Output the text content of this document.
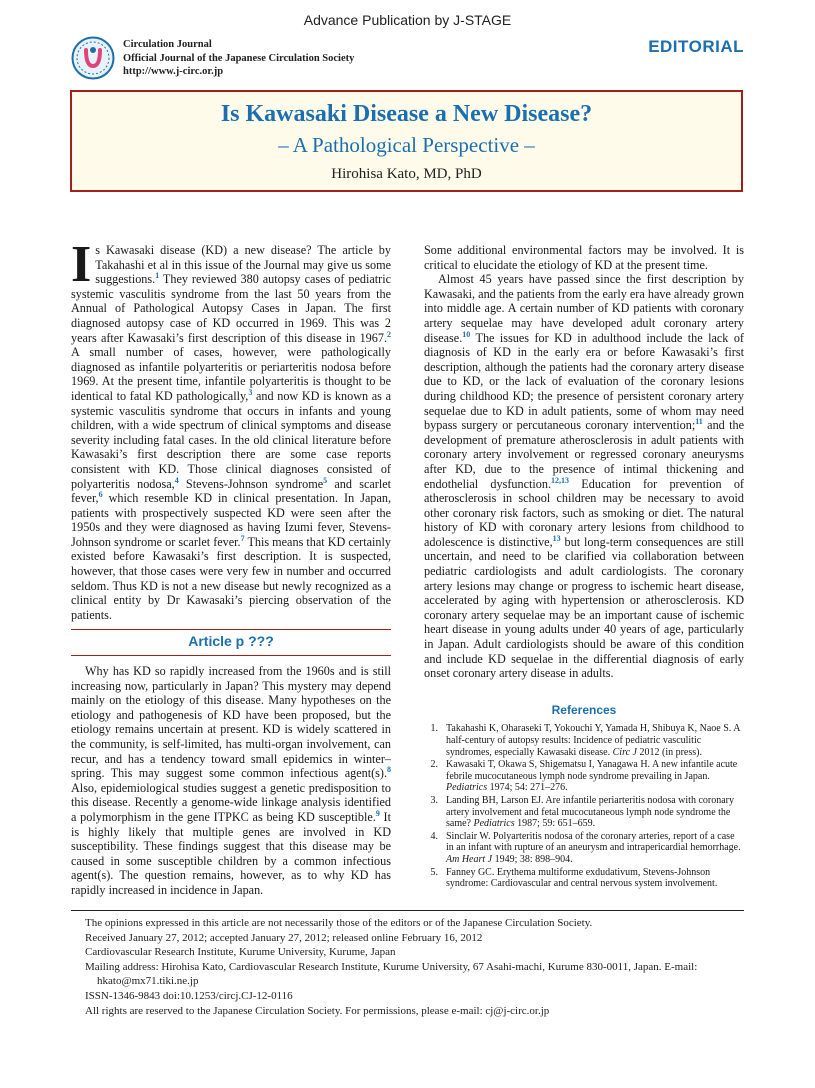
Advance Publication by J-STAGE
Circulation Journal
Official Journal of the Japanese Circulation Society
http://www.j-circ.or.jp
EDITORIAL
Is Kawasaki Disease a New Disease?
– A Pathological Perspective –
Hirohisa Kato, MD, PhD

Is Kawasaki disease (KD) a new disease? The article by Takahashi et al in this issue of the Journal may give us some suggestions.$^1$ They reviewed 380 autopsy cases of pediatric systemic vasculitis syndrome from the last 50 years from the Annual of Pathological Autopsy Cases in Japan. The first diagnosed autopsy case of KD occurred in 1969. This was 2 years after Kawasaki’s first description of this disease in 1967.$^2$ A small number of cases, however, were pathologically diagnosed as infantile polyarteritis or periarteritis nodosa before 1969. At the present time, infantile polyarteritis is thought to be identical to fatal KD pathologically,$^3$ and now KD is known as a systemic vasculitis syndrome that occurs in infants and young children, with a wide spectrum of clinical symptoms and disease severity including fatal cases. In the old clinical literature before Kawasaki’s first description there are some case reports consistent with KD. Those clinical diagnoses consisted of polyarteritis nodosa,$^4$ Stevens-Johnson syndrome$^5$ and scarlet fever,$^6$ which resemble KD in clinical presentation. In Japan, patients with prospectively suspected KD were seen after the 1950s and they were diagnosed as having Izumi fever, Stevens-Johnson syndrome or scarlet fever.$^7$ This means that KD certainly existed before Kawasaki’s first description. It is suspected, however, that those cases were very few in number and occurred seldom. Thus KD is not a new disease but newly recognized as a clinical entity by Dr Kawasaki’s piercing observation of the patients.

Article p ???

Why has KD so rapidly increased from the 1960s and is still increasing now, particularly in Japan? This mystery may depend mainly on the etiology of this disease. Many hypotheses on the etiology and pathogenesis of KD have been proposed, but the etiology remains uncertain at present. KD is widely scattered in the community, is self-limited, has multi-organ involvement, can recur, and has a tendency toward small epidemics in winter–spring. This may suggest some common infectious agent(s).$^8$ Also, epidemiological studies suggest a genetic predisposition to this disease. Recently a genome-wide linkage analysis identified a polymorphism in the gene ITPKC as being KD susceptible.$^9$ It is highly likely that multiple genes are involved in KD susceptibility. These findings suggest that this disease may be caused in some susceptible children by a common infectious agent(s). The question remains, however, as to why KD has rapidly increased in incidence in Japan.

Some additional environmental factors may be involved. It is critical to elucidate the etiology of KD at the present time.

Almost 45 years have passed since the first description by Kawasaki, and the patients from the early era have already grown into middle age. A certain number of KD patients with coronary artery sequelae may have developed adult coronary artery disease.$^{10}$ The issues for KD in adulthood include the lack of diagnosis of KD in the early era or before Kawasaki’s first description, although the patients had the coronary artery disease due to KD, or the lack of evaluation of the coronary lesions during childhood KD; the presence of persistent coronary artery sequelae due to KD in adult patients, some of whom may need bypass surgery or percutaneous coronary intervention;$^{11}$ and the development of premature atherosclerosis in adult patients with coronary artery involvement or regressed coronary aneurysms after KD, due to the presence of intimal thickening and endothelial dysfunction.$^{12,13}$ Education for prevention of atherosclerosis in school children may be necessary to avoid other coronary risk factors, such as smoking or diet. The natural history of KD with coronary artery lesions from childhood to adolescence is distinctive,$^{13}$ but long-term consequences are still uncertain, and need to be clarified via collaboration between pediatric cardiologists and adult cardiologists. The coronary artery lesions may change or progress to ischemic heart disease, accelerated by aging with hypertension or atherosclerosis. KD coronary artery sequelae may be an important cause of ischemic heart disease in young adults under 40 years of age, particularly in Japan. Adult cardiologists should be aware of this condition and include KD sequelae in the differential diagnosis of early onset coronary artery disease in adults.

References
1. Takahashi K, Oharaseki T, Yokouchi Y, Yamada H, Shibuya K, Naoe S. A half-century of autopsy results: Incidence of pediatric vasculitic syndromes, especially Kawasaki disease. Circ J 2012 (in press).
2. Kawasaki T, Okawa S, Shigematsu I, Yanagawa H. A new infantile acute febrile mucocutaneous lymph node syndrome prevailing in Japan. Pediatrics 1974; 54: 271–276.
3. Landing BH, Larson EJ. Are infantile periarteritis nodosa with coronary artery involvement and fetal mucocutaneous lymph node syndrome the same? Pediatrics 1987; 59: 651–659.
4. Sinclair W. Polyarteritis nodosa of the coronary arteries, report of a case in an infant with rupture of an aneurysm and intrapericardial hemorrhage. Am Heart J 1949; 38: 898–904.
5. Fanney GC. Erythema multiforme exdudativum, Stevens-Johnson syndrome: Cardiovascular and central nervous system involvement.
The opinions expressed in this article are not necessarily those of the editors or of the Japanese Circulation Society.
Received January 27, 2012; accepted January 27, 2012; released online February 16, 2012
Cardiovascular Research Institute, Kurume University, Kurume, Japan
Mailing address: Hirohisa Kato, Cardiovascular Research Institute, Kurume University, 67 Asahi-machi, Kurume 830-0011, Japan. E-mail: hkato@mx71.tiki.ne.jp
ISSN-1346-9843 doi:10.1253/circj.CJ-12-0116
All rights are reserved to the Japanese Circulation Society. For permissions, please e-mail: cj@j-circ.or.jp
